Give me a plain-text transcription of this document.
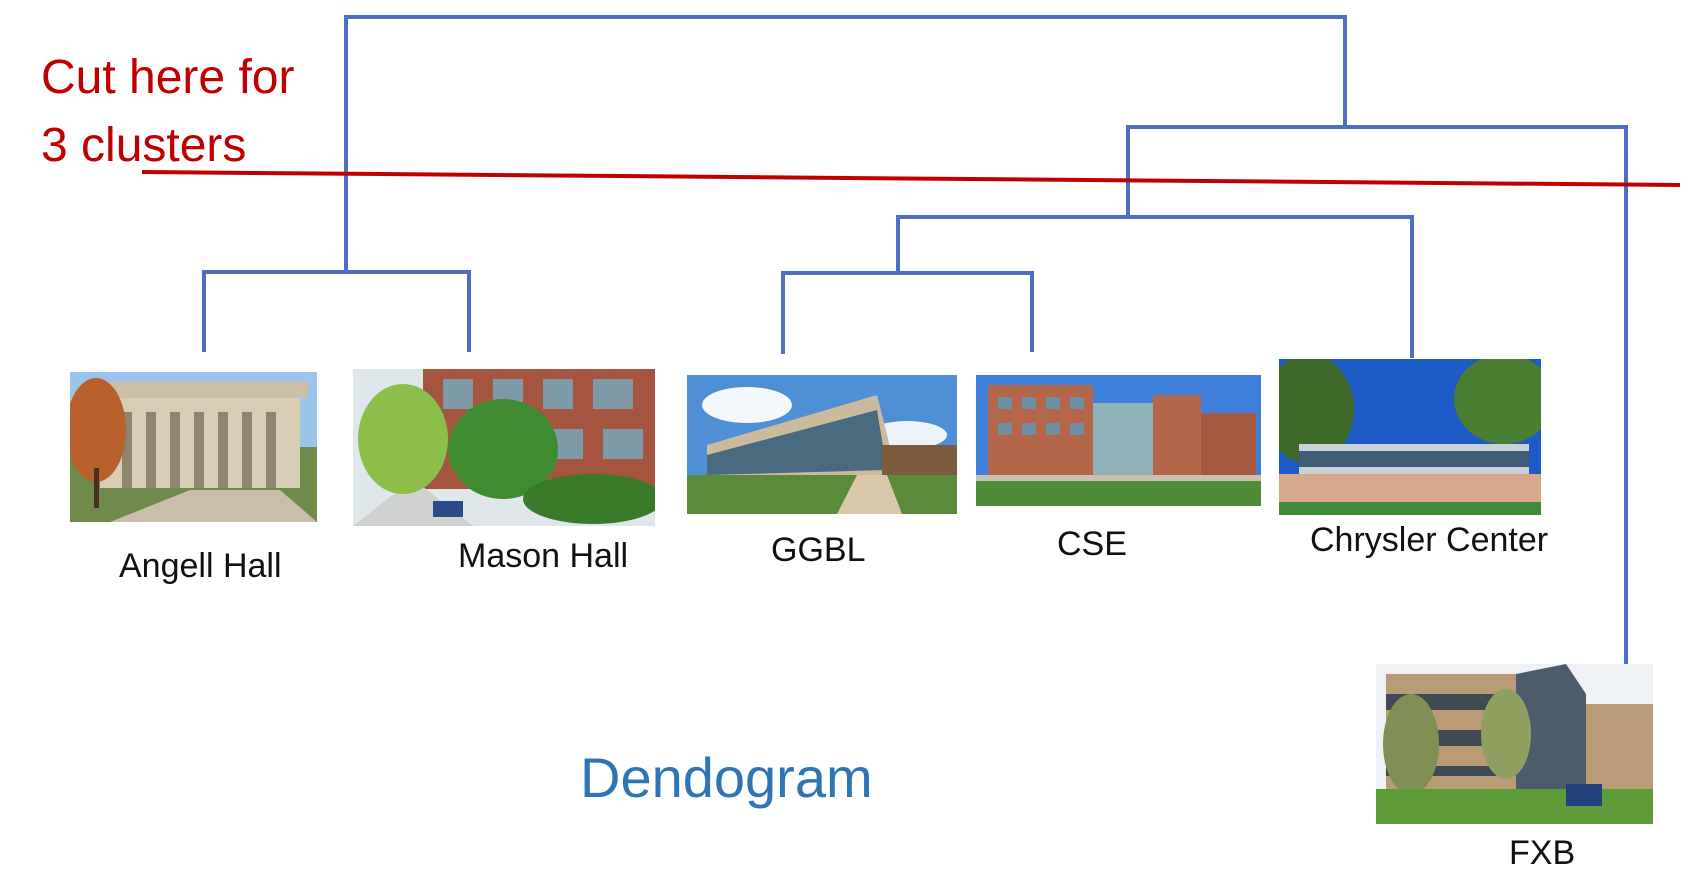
Cut here for
3 clusters
Angell Hall	Mason Hall	GGBL	CSE	Chrysler Center
FXB
Dendogram
